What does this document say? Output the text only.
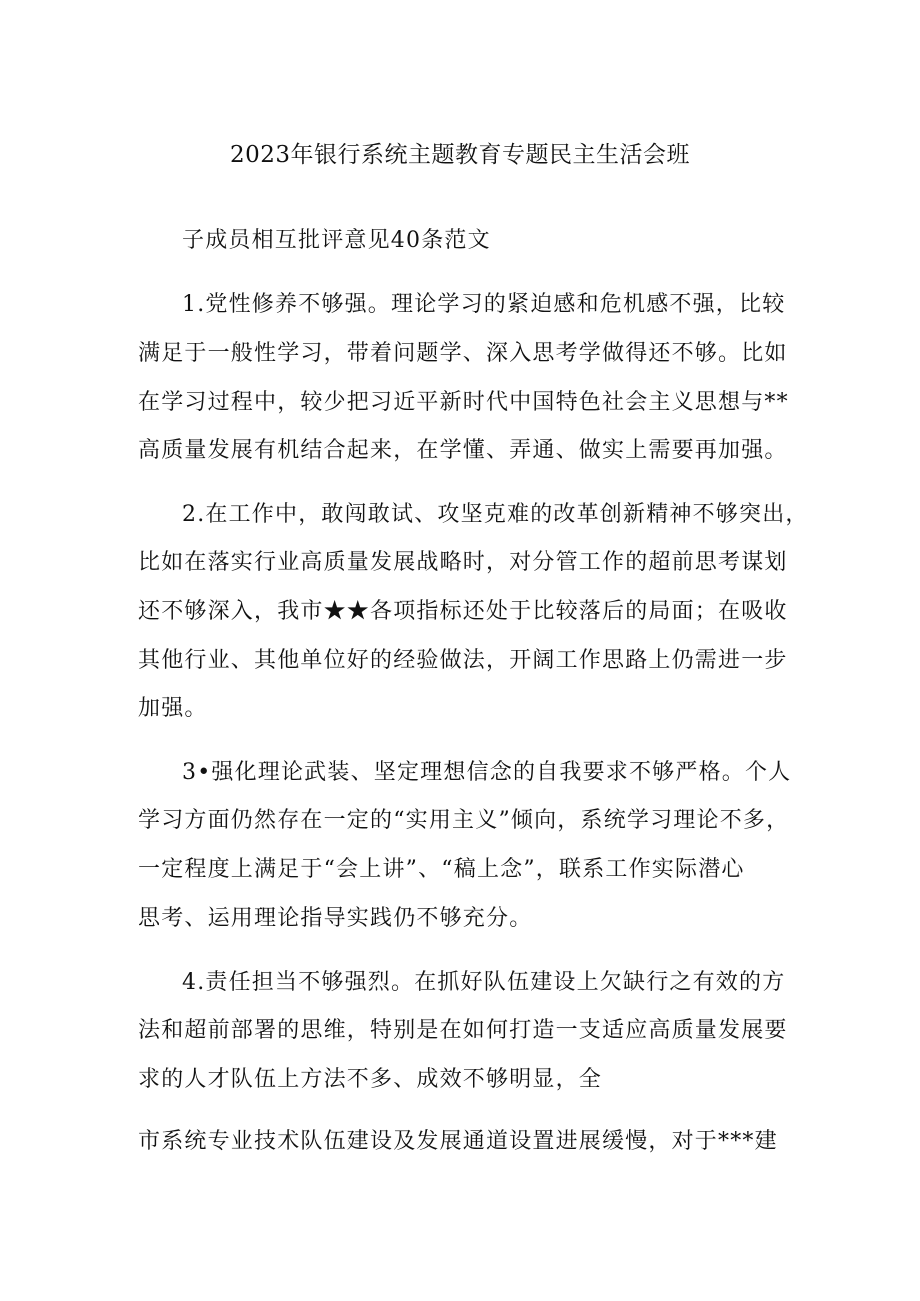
2023年银行系统主题教育专题民主生活会班
子成员相互批评意见40条范文
1.党性修养不够强。理论学习的紧迫感和危机感不强，比较
满足于一般性学习，带着问题学、深入思考学做得还不够。比如
在学习过程中，较少把习近平新时代中国特色社会主义思想与**
高质量发展有机结合起来，在学懂、弄通、做实上需要再加强。
2.在工作中，敢闯敢试、攻坚克难的改革创新精神不够突出，
比如在落实行业高质量发展战略时，对分管工作的超前思考谋划
还不够深入，我市★★各项指标还处于比较落后的局面；在吸收
其他行业、其他单位好的经验做法，开阔工作思路上仍需进一步
加强。
3•强化理论武装、坚定理想信念的自我要求不够严格。个人
学习方面仍然存在一定的“实用主义”倾向，系统学习理论不多，
一定程度上满足于“会上讲”、“稿上念”，联系工作实际潜心
思考、运用理论指导实践仍不够充分。
4.责任担当不够强烈。在抓好队伍建设上欠缺行之有效的方
法和超前部署的思维，特别是在如何打造一支适应高质量发展要
求的人才队伍上方法不多、成效不够明显，全
市系统专业技术队伍建设及发展通道设置进展缓慢，对于***建
